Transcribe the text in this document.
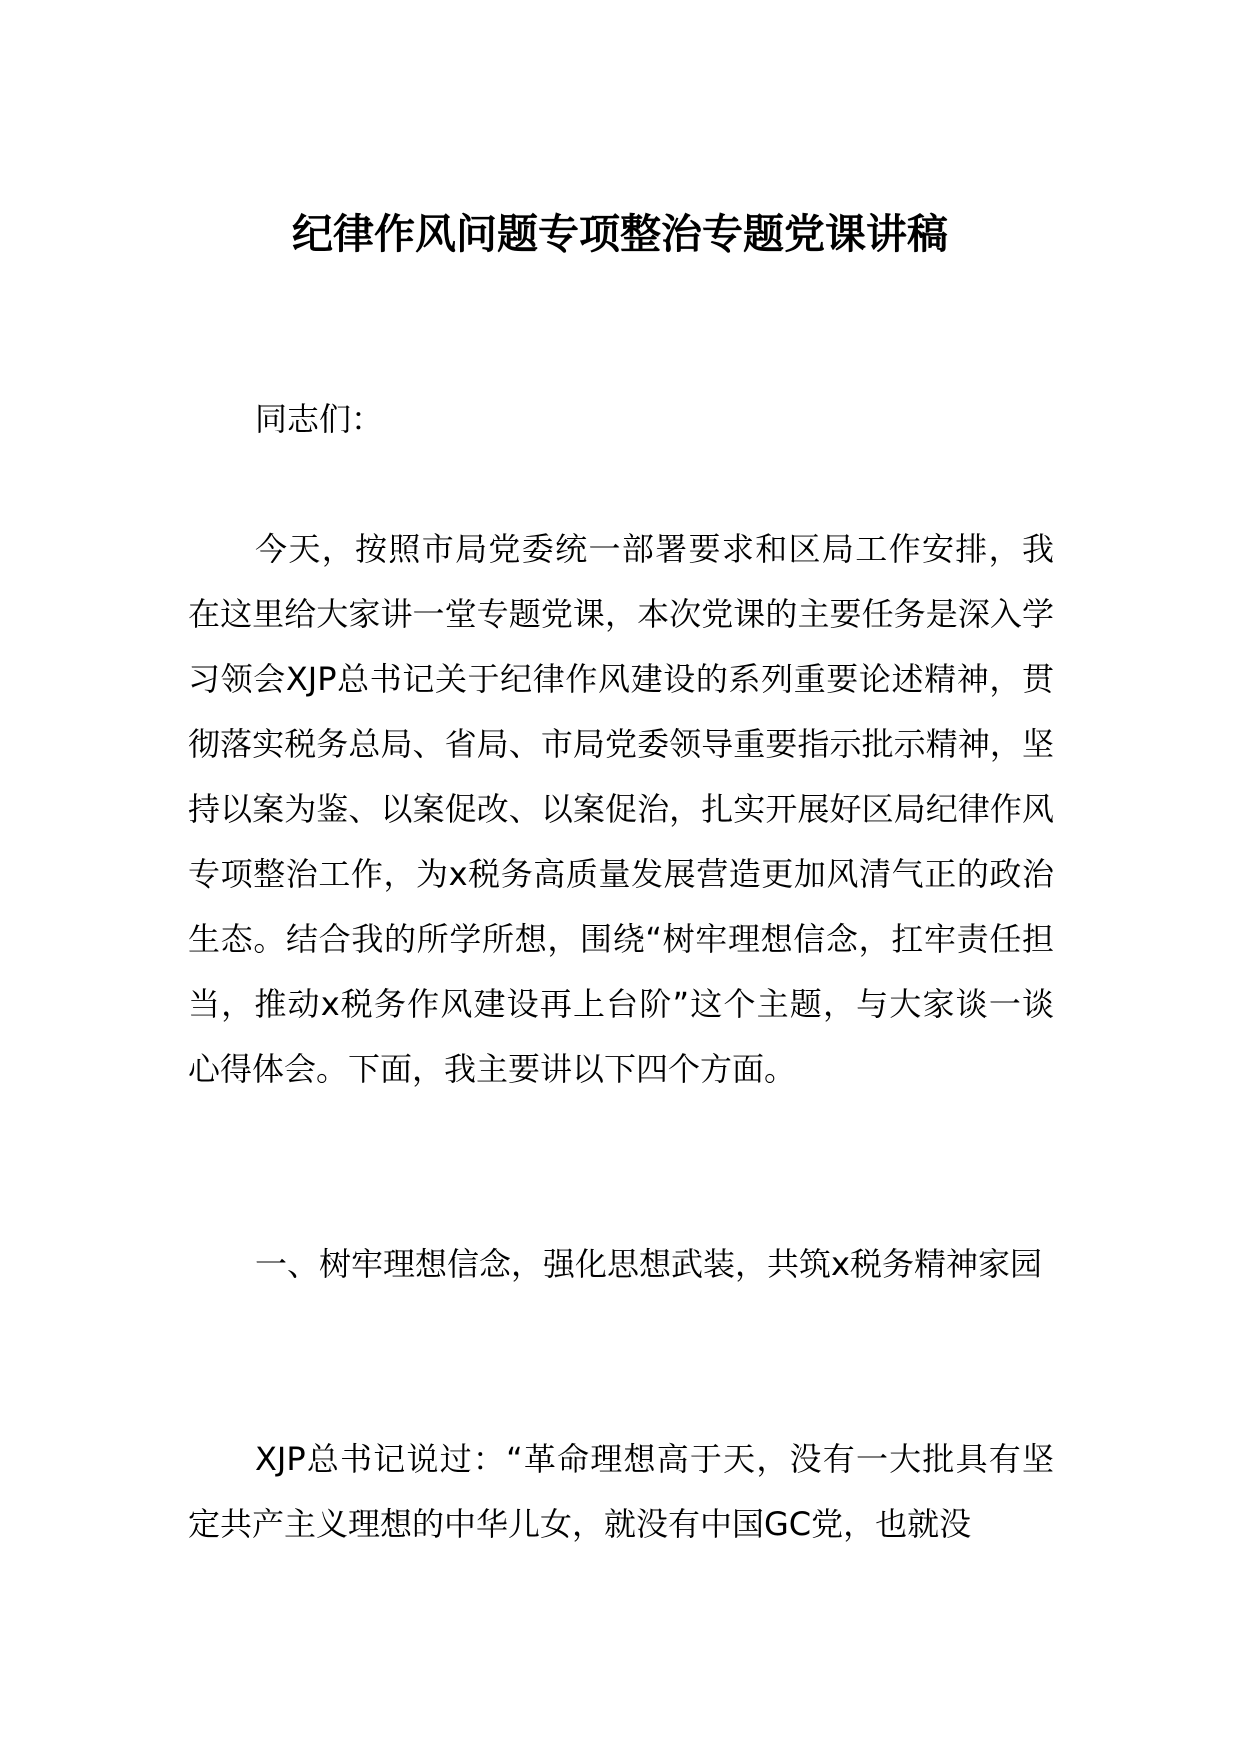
纪律作风问题专项整治专题党课讲稿

同志们：

今天，按照市局党委统一部署要求和区局工作安排，我在这里给大家讲一堂专题党课，本次党课的主要任务是深入学习领会XJP总书记关于纪律作风建设的系列重要论述精神，贯彻落实税务总局、省局、市局党委领导重要指示批示精神，坚持以案为鉴、以案促改、以案促治，扎实开展好区局纪律作风专项整治工作，为x税务高质量发展营造更加风清气正的政治生态。结合我的所学所想，围绕“树牢理想信念，扛牢责任担当，推动x税务作风建设再上台阶”这个主题，与大家谈一谈心得体会。下面，我主要讲以下四个方面。

一、树牢理想信念，强化思想武装，共筑x税务精神家园

XJP总书记说过：“革命理想高于天，没有一大批具有坚定共产主义理想的中华儿女，就没有中国GC党，也就没
